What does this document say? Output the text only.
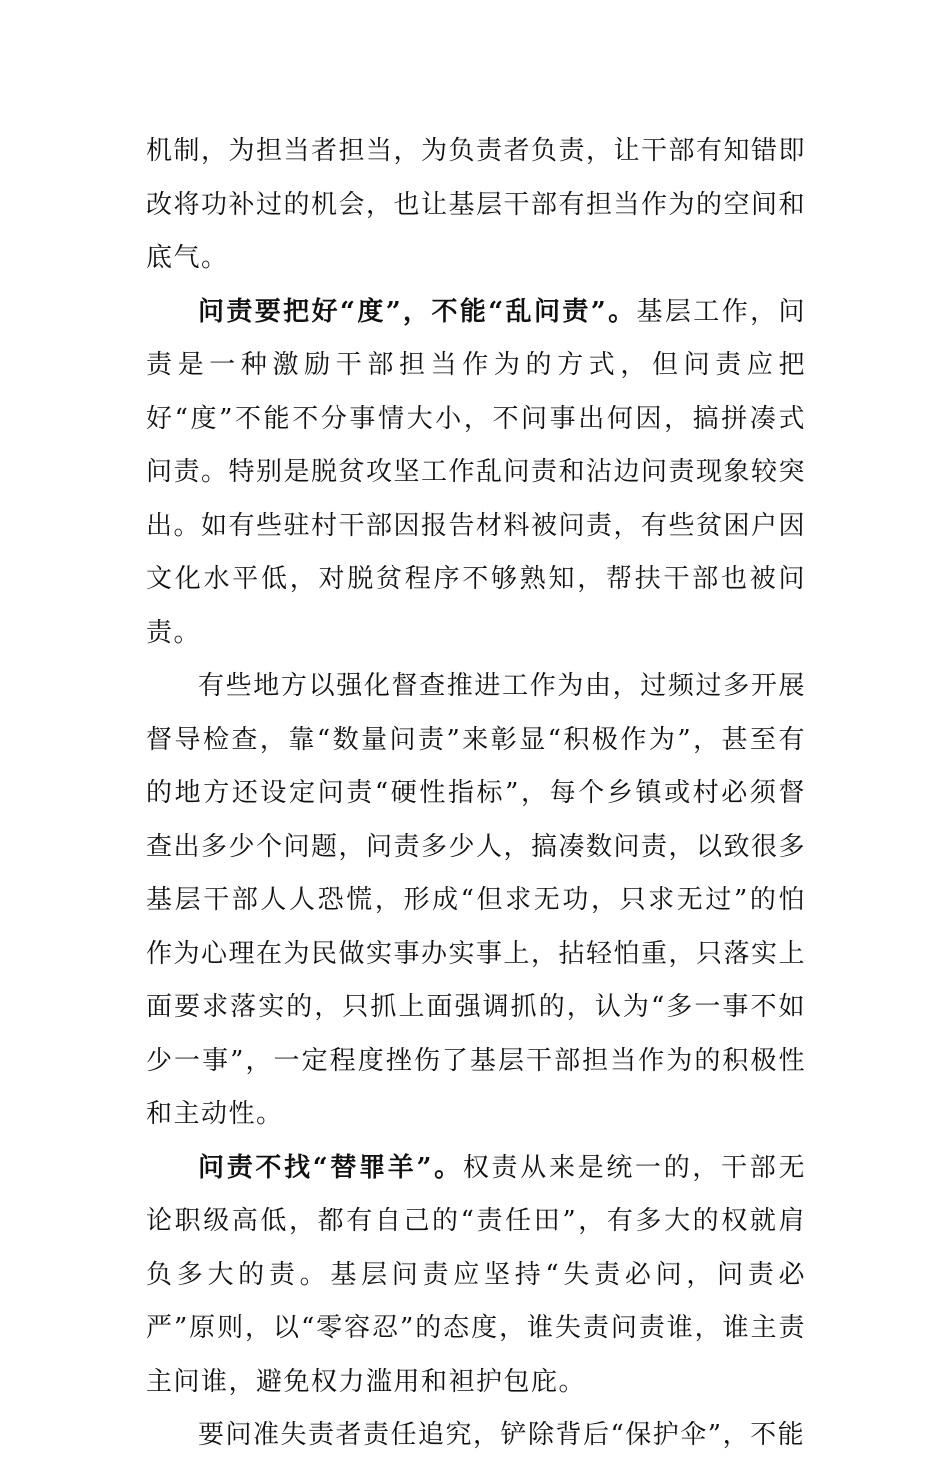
机制，为担当者担当，为负责者负责，让干部有知错即改将功补过的机会，也让基层干部有担当作为的空间和底气。

问责要把好“度”，不能“乱问责”。基层工作，问责是一种激励干部担当作为的方式，但问责应把好“度”不能不分事情大小，不问事出何因，搞拼凑式问责。特别是脱贫攻坚工作乱问责和沾边问责现象较突出。如有些驻村干部因报告材料被问责，有些贫困户因文化水平低，对脱贫程序不够熟知，帮扶干部也被问责。

有些地方以强化督查推进工作为由，过频过多开展督导检查，靠“数量问责”来彰显“积极作为”，甚至有的地方还设定问责“硬性指标”，每个乡镇或村必须督查出多少个问题，问责多少人，搞凑数问责，以致很多基层干部人人恐慌，形成“但求无功，只求无过”的怕作为心理在为民做实事办实事上，拈轻怕重，只落实上面要求落实的，只抓上面强调抓的，认为“多一事不如少一事”，一定程度挫伤了基层干部担当作为的积极性和主动性。

问责不找“替罪羊”。权责从来是统一的，干部无论职级高低，都有自己的“责任田”，有多大的权就肩负多大的责。基层问责应坚持“失责必问，问责必严”原则，以“零容忍”的态度，谁失责问责谁，谁主责主问谁，避免权力滥用和袒护包庇。

要问准失责者责任追究，铲除背后“保护伞”，不能
